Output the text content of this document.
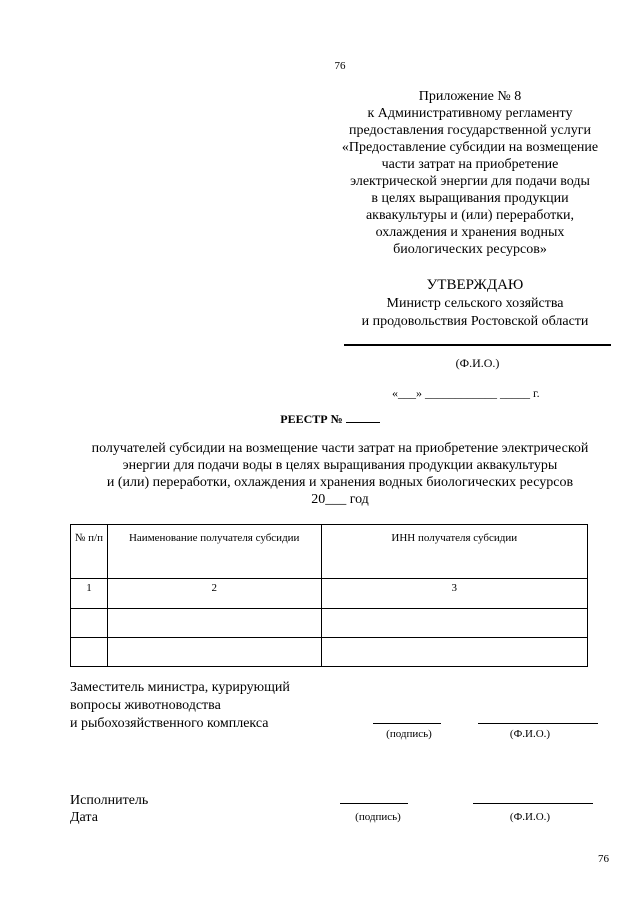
76
Приложение № 8
к Административному регламенту
предоставления государственной услуги
«Предоставление субсидии на возмещение
части затрат на приобретение
электрической энергии для подачи воды
в целях выращивания продукции
аквакультуры и (или) переработки,
охлаждения и хранения водных
биологических ресурсов»
УТВЕРЖДАЮ
Министр сельского хозяйства
и продовольствия Ростовской области
(Ф.И.О.)
«___» ____________ _____ г.
РЕЕСТР №
получателей субсидии на возмещение части затрат на приобретение электрической
энергии для подачи воды в целях выращивания продукции аквакультуры
и (или) переработки, охлаждения и хранения водных биологических ресурсов
20___ год
№ п/п	Наименование получателя субсидии	ИНН получателя субсидии
1	2	3

Заместитель министра, курирующий
вопросы животноводства
и рыбохозяйственного комплекса
(подпись)	(Ф.И.О.)
Исполнитель
Дата	(подпись)	(Ф.И.О.)
76
